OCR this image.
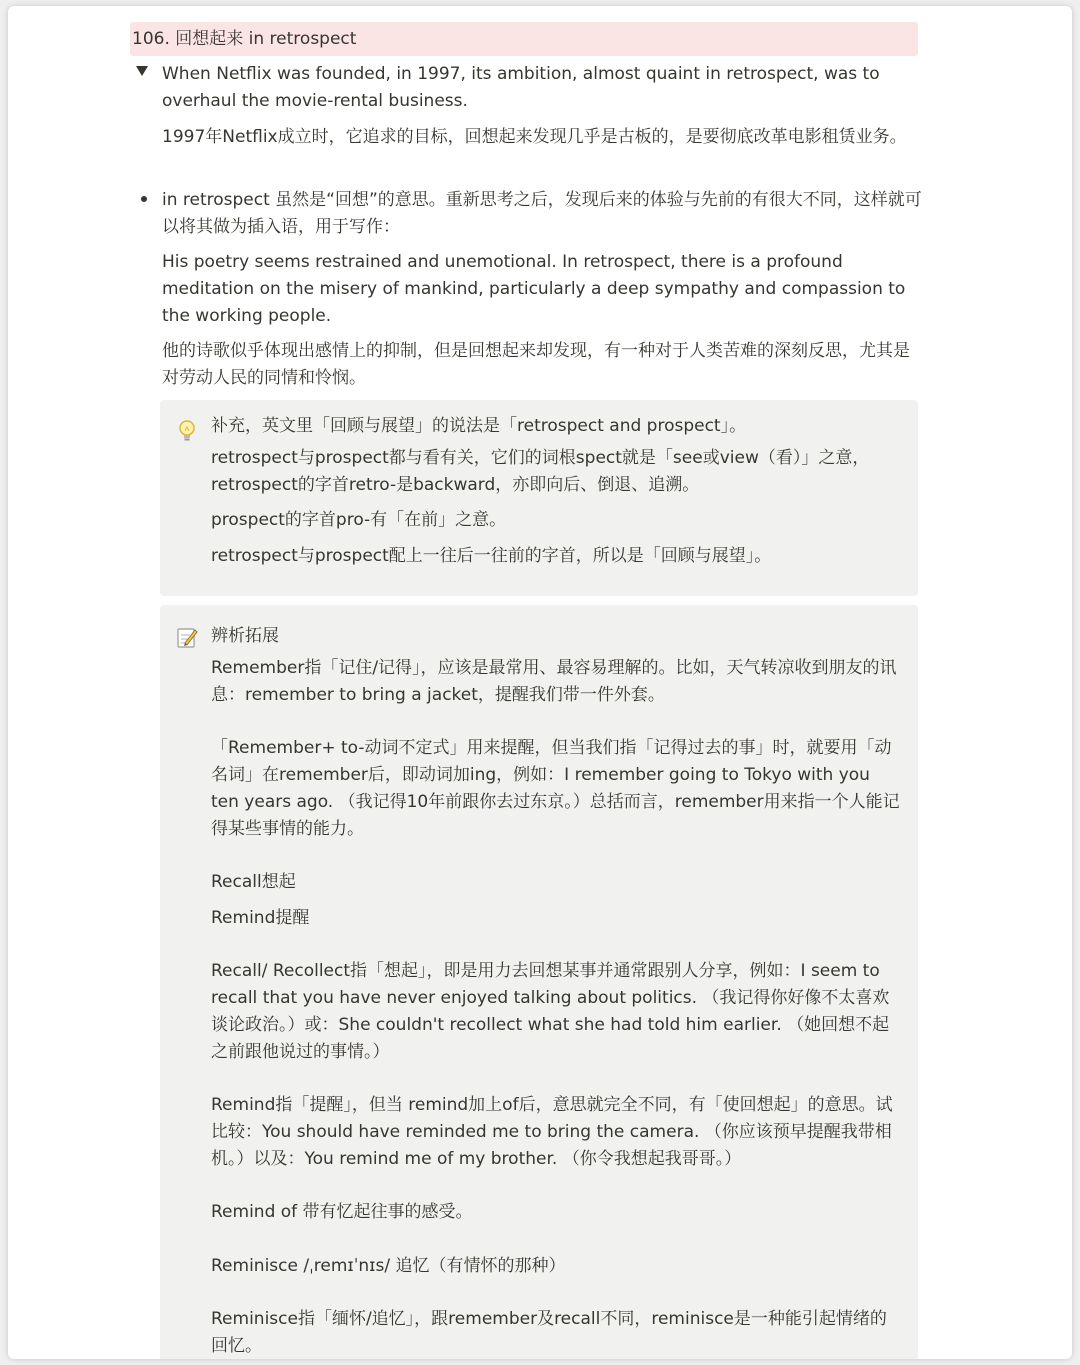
106. 回想起来 in retrospect

When Netflix was founded, in 1997, its ambition, almost quaint in retrospect, was to overhaul the movie-rental business.

1997年Netflix成立时，它追求的目标，回想起来发现几乎是古板的，是要彻底改革电影租赁业务。

in retrospect 虽然是“回想”的意思。重新思考之后，发现后来的体验与先前的有很大不同，这样就可以将其做为插入语，用于写作：

His poetry seems restrained and unemotional. In retrospect, there is a profound meditation on the misery of mankind, particularly a deep sympathy and compassion to the working people.

他的诗歌似乎体现出感情上的抑制，但是回想起来却发现，有一种对于人类苦难的深刻反思，尤其是对劳动人民的同情和怜悯。

补充，英文里「回顾与展望」的说法是「retrospect and prospect」。

retrospect与prospect都与看有关，它们的词根spect就是「see或view（看）」之意，retrospect的字首retro-是backward，亦即向后、倒退、追溯。

prospect的字首pro-有「在前」之意。

retrospect与prospect配上一往后一往前的字首，所以是「回顾与展望」。

辨析拓展

Remember指「记住/记得」，应该是最常用、最容易理解的。比如，天气转凉收到朋友的讯息：remember to bring a jacket，提醒我们带一件外套。

「Remember+ to-动词不定式」用来提醒，但当我们指「记得过去的事」时，就要用「动名词」在remember后，即动词加ing，例如：I remember going to Tokyo with you ten years ago. （我记得10年前跟你去过东京。）总括而言，remember用来指一个人能记得某些事情的能力。

Recall想起

Remind提醒

Recall/ Recollect指「想起」，即是用力去回想某事并通常跟别人分享，例如：I seem to recall that you have never enjoyed talking about politics. （我记得你好像不太喜欢谈论政治。）或：She couldn't recollect what she had told him earlier. （她回想不起之前跟他说过的事情。）

Remind指「提醒」，但当 remind加上of后，意思就完全不同，有「使回想起」的意思。试比较：You should have reminded me to bring the camera. （你应该预早提醒我带相机。）以及：You remind me of my brother. （你令我想起我哥哥。）

Remind of 带有忆起往事的感受。

Reminisce /ˌremɪˈnɪs/ 追忆（有情怀的那种）

Reminisce指「缅怀/追忆」，跟remember及recall不同，reminisce是一种能引起情绪的回忆。
